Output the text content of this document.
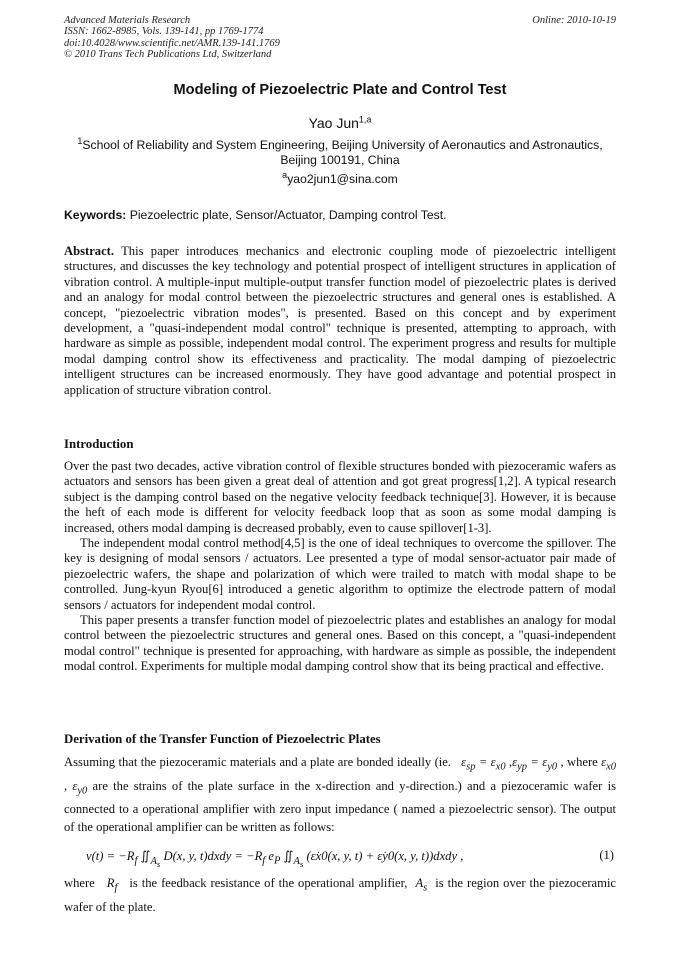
Advanced Materials Research
ISSN: 1662-8985, Vols. 139-141, pp 1769-1774
doi:10.4028/www.scientific.net/AMR.139-141.1769
© 2010 Trans Tech Publications Ltd, Switzerland
Online: 2010-10-19
Modeling of Piezoelectric Plate and Control Test
Yao Jun$^{1,a}$
$^1$School of Reliability and System Engineering, Beijing University of Aeronautics and Astronautics,
Beijing 100191, China
$^a$yao2jun1@sina.com
Keywords: Piezoelectric plate, Sensor/Actuator, Damping control Test.

Abstract. This paper introduces mechanics and electronic coupling mode of piezoelectric intelligent structures, and discusses the key technology and potential prospect of intelligent structures in application of vibration control. A multiple-input multiple-output transfer function model of piezoelectric plates is derived and an analogy for modal control between the piezoelectric structures and general ones is established. A concept, "piezoelectric vibration modes", is presented. Based on this concept and by experiment development, a "quasi-independent modal control" technique is presented, attempting to approach, with hardware as simple as possible, independent modal control. The experiment progress and results for multiple modal damping control show its effectiveness and practicality. The modal damping of piezoelectric intelligent structures can be increased enormously. They have good advantage and potential prospect in application of structure vibration control.

Introduction

Over the past two decades, active vibration control of flexible structures bonded with piezoceramic wafers as actuators and sensors has been given a great deal of attention and got great progress[1,2]. A typical research subject is the damping control based on the negative velocity feedback technique[3]. However, it is because the heft of each mode is different for velocity feedback loop that as soon as some modal damping is increased, others modal damping is decreased probably, even to cause spillover[1-3].

The independent modal control method[4,5] is the one of ideal techniques to overcome the spillover. The key is designing of modal sensors / actuators. Lee presented a type of modal sensor-actuator pair made of piezoelectric wafers, the shape and polarization of which were trailed to match with modal shape to be controlled. Jung-kyun Ryou[6] introduced a genetic algorithm to optimize the electrode pattern of modal sensors / actuators for independent modal control.

This paper presents a transfer function model of piezoelectric plates and establishes an analogy for modal control between the piezoelectric structures and general ones. Based on this concept, a "quasi-independent modal control" technique is presented for approaching, with hardware as simple as possible, the independent modal control. Experiments for multiple modal damping control show that its being practical and effective.

Derivation of the Transfer Function of Piezoelectric Plates

Assuming that the piezoceramic materials and a plate are bonded ideally (ie.   $\varepsilon_{sp} = \varepsilon_{x0}$ $,\varepsilon_{yp} = \varepsilon_{y0}$ , where $\varepsilon_{x0}$ , $\varepsilon_{y0}$ are the strains of the plate surface in the x-direction and y-direction.) and a piezoceramic wafer is connected to a operational amplifier with zero input impedance ( named a piezoelectric sensor). The output of the operational amplifier can be written as follows:

$v(t) = -R_f$ $∬_{A_s}$ D(x, y, t)dxdy = $-R_f$ $e_P$ $∬_{A_s}$ (ε̇x0(x, y, t) + ε̇y0(x, y, t))dxdy ,	(1)
where   $R_f$ is the feedback resistance of the operational amplifier,  $A_s$ is the region over the piezoceramic wafer of the plate.
